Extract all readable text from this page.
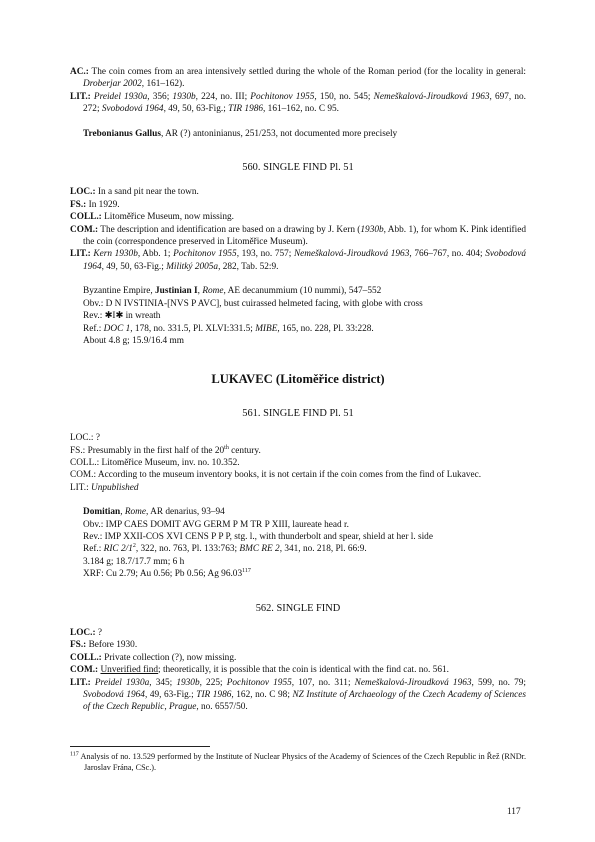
AC.: The coin comes from an area intensively settled during the whole of the Roman period (for the locality in general: Droberjar 2002, 161–162).

LIT.: Preidel 1930a, 356; 1930b, 224, no. III; Pochitonov 1955, 150, no. 545; Nemeškalová-Jiroudková 1963, 697, no. 272; Svobodová 1964, 49, 50, 63-Fig.; TIR 1986, 161–162, no. C 95.

Trebonianus Gallus, AR (?) antoninianus, 251/253, not documented more precisely

560. SINGLE FIND Pl. 51

LOC.: In a sand pit near the town.

FS.: In 1929.

COLL.: Litoměřice Museum, now missing.

COM.: The description and identification are based on a drawing by J. Kern (1930b, Abb. 1), for whom K. Pink identified the coin (correspondence preserved in Litoměřice Museum).

LIT.: Kern 1930b, Abb. 1; Pochitonov 1955, 193, no. 757; Nemeškalová-Jiroudková 1963, 766–767, no. 404; Svobodová 1964, 49, 50, 63-Fig.; Militký 2005a, 282, Tab. 52:9.

Byzantine Empire, Justinian I, Rome, AE decanummium (10 nummi), 547–552

Obv.: D N IVSTINIA-[NVS P AVC], bust cuirassed helmeted facing, with globe with cross

Rev.: ✱I✱ in wreath

Ref.: DOC 1, 178, no. 331.5, Pl. XLVI:331.5; MIBE, 165, no. 228, Pl. 33:228.

About 4.8 g; 15.9/16.4 mm

LUKAVEC (Litoměřice district)

561. SINGLE FIND Pl. 51

LOC.: ?

FS.: Presumably in the first half of the 20th century.

COLL.: Litoměřice Museum, inv. no. 10.352.

COM.: According to the museum inventory books, it is not certain if the coin comes from the find of Lukavec.

LIT.: Unpublished

Domitian, Rome, AR denarius, 93–94

Obv.: IMP CAES DOMIT AVG GERM P M TR P XIII, laureate head r.

Rev.: IMP XXII-COS XVI CENS P P P, stg. l., with thunderbolt and spear, shield at her l. side

Ref.: RIC $2/1^2$, 322, no. 763, Pl. 133:763; BMC RE 2, 341, no. 218, Pl. 66:9.

3.184 g; 18.7/17.7 mm; 6 h

XRF: Cu 2.79; Au 0.56; Pb 0.56; Ag 96.03$^{117}$

562. SINGLE FIND

LOC.: ?

FS.: Before 1930.

COLL.: Private collection (?), now missing.

COM.: Unverified find; theoretically, it is possible that the coin is identical with the find cat. no. 561.

LIT.: Preidel 1930a, 345; 1930b, 225; Pochitonov 1955, 107, no. 311; Nemeškalová-Jiroudková 1963, 599, no. 79; Svobodová 1964, 49, 63-Fig.; TIR 1986, 162, no. C 98; NZ Institute of Archaeology of the Czech Academy of Sciences of the Czech Republic, Prague, no. 6557/50.

$^{117}$ Analysis of no. 13.529 performed by the Institute of Nuclear Physics of the Academy of Sciences of the Czech Republic in Řež (RNDr. Jaroslav Frána, CSc.).

117
